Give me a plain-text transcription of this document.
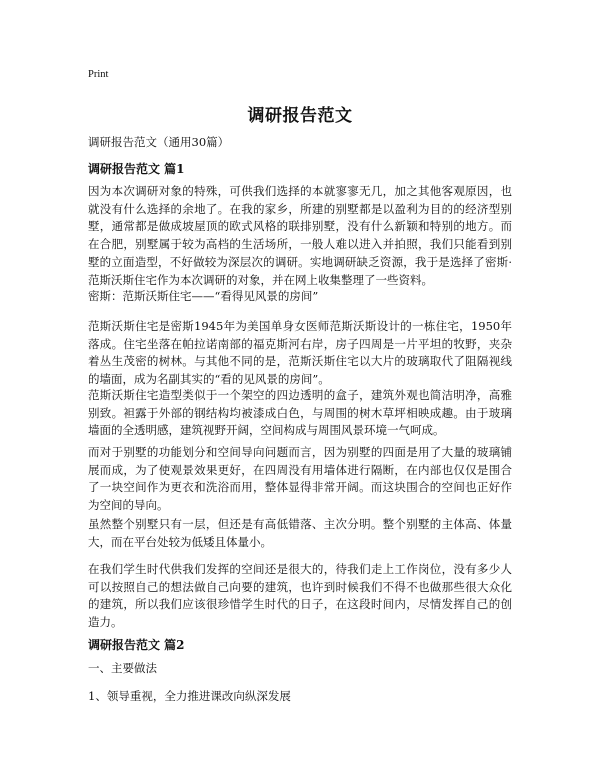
Print
调研报告范文
调研报告范文（通用30篇）
调研报告范文 篇1

因为本次调研对象的特殊，可供我们选择的本就寥寥无几，加之其他客观原因，也就没有什么选择的余地了。在我的家乡，所建的别墅都是以盈利为目的的经济型别墅，通常都是做成坡屋顶的欧式风格的联排别墅，没有什么新颖和特别的地方。而在合肥，别墅属于较为高档的生活场所，一般人难以进入并拍照，我们只能看到别墅的立面造型，不好做较为深层次的调研。实地调研缺乏资源，我于是选择了密斯·范斯沃斯住宅作为本次调研的对象，并在网上收集整理了一些资料。

密斯：范斯沃斯住宅——“看得见风景的房间”

范斯沃斯住宅是密斯1945年为美国单身女医师范斯沃斯设计的一栋住宅，1950年落成。住宅坐落在帕拉诺南部的福克斯河右岸，房子四周是一片平坦的牧野，夹杂着丛生茂密的树林。与其他不同的是，范斯沃斯住宅以大片的玻璃取代了阻隔视线的墙面，成为名副其实的“看的见风景的房间”。

范斯沃斯住宅造型类似于一个架空的四边透明的盒子，建筑外观也简洁明净，高雅别致。袒露于外部的钢结构均被漆成白色，与周围的树木草坪相映成趣。由于玻璃墙面的全透明感，建筑视野开阔，空间构成与周围风景环境一气呵成。

而对于别墅的功能划分和空间导向问题而言，因为别墅的四面是用了大量的玻璃铺展而成，为了使观景效果更好，在四周没有用墙体进行隔断，在内部也仅仅是围合了一块空间作为更衣和洗浴而用，整体显得非常开阔。而这块围合的空间也正好作为空间的导向。

虽然整个别墅只有一层，但还是有高低错落、主次分明。整个别墅的主体高、体量大，而在平台处较为低矮且体量小。

在我们学生时代供我们发挥的空间还是很大的，待我们走上工作岗位，没有多少人可以按照自己的想法做自己向要的建筑，也许到时候我们不得不也做那些很大众化的建筑，所以我们应该很珍惜学生时代的日子，在这段时间内，尽情发挥自己的创造力。

调研报告范文 篇2

一、主要做法

1、领导重视，全力推进课改向纵深发展
